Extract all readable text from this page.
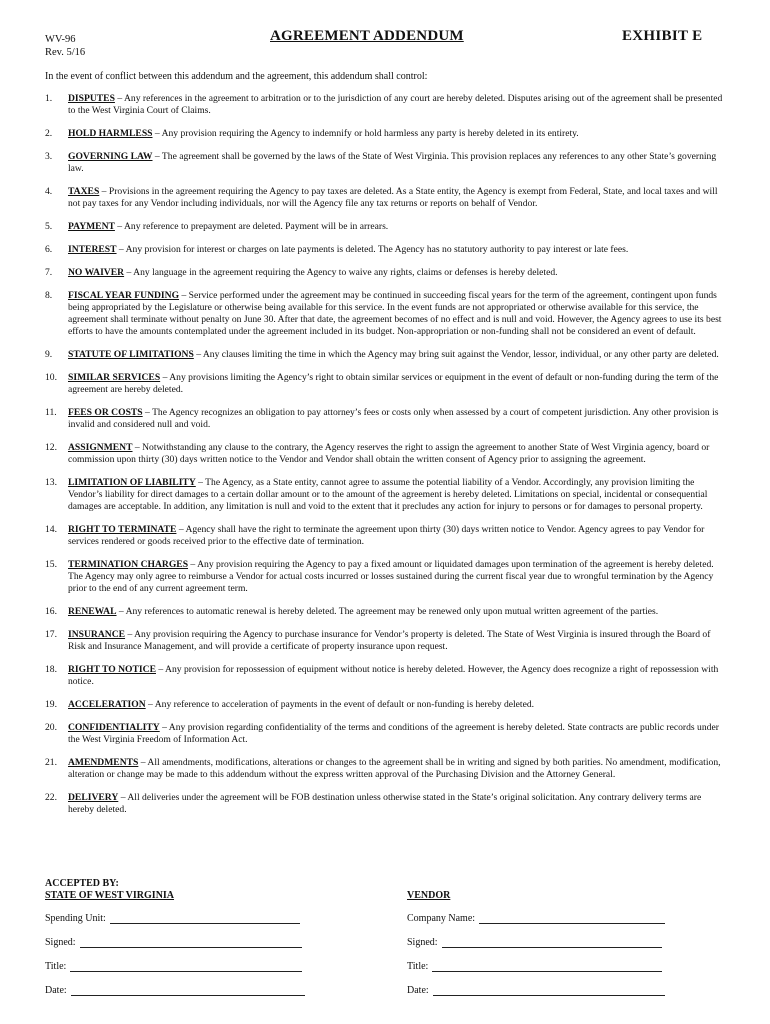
WV-96
Rev. 5/16
AGREEMENT ADDENDUM	EXHIBIT E
In the event of conflict between this addendum and the agreement, this addendum shall control:
1.	DISPUTES – Any references in the agreement to arbitration or to the jurisdiction of any court are hereby deleted. Disputes arising out of the agreement shall be presented to the West Virginia Court of Claims.
2.	HOLD HARMLESS – Any provision requiring the Agency to indemnify or hold harmless any party is hereby deleted in its entirety.
3.	GOVERNING LAW – The agreement shall be governed by the laws of the State of West Virginia. This provision replaces any references to any other State’s governing law.
4.	TAXES – Provisions in the agreement requiring the Agency to pay taxes are deleted. As a State entity, the Agency is exempt from Federal, State, and local taxes and will not pay taxes for any Vendor including individuals, nor will the Agency file any tax returns or reports on behalf of Vendor.
5.	PAYMENT – Any reference to prepayment are deleted. Payment will be in arrears.
6.	INTEREST – Any provision for interest or charges on late payments is deleted. The Agency has no statutory authority to pay interest or late fees.
7.	NO WAIVER – Any language in the agreement requiring the Agency to waive any rights, claims or defenses is hereby deleted.
8.	FISCAL YEAR FUNDING – Service performed under the agreement may be continued in succeeding fiscal years for the term of the agreement, contingent upon funds being appropriated by the Legislature or otherwise being available for this service. In the event funds are not appropriated or otherwise available for this service, the agreement shall terminate without penalty on June 30. After that date, the agreement becomes of no effect and is null and void. However, the Agency agrees to use its best efforts to have the amounts contemplated under the agreement included in its budget. Non-appropriation or non-funding shall not be considered an event of default.
9.	STATUTE OF LIMITATIONS – Any clauses limiting the time in which the Agency may bring suit against the Vendor, lessor, individual, or any other party are deleted.
10.	SIMILAR SERVICES – Any provisions limiting the Agency’s right to obtain similar services or equipment in the event of default or non-funding during the term of the agreement are hereby deleted.
11.	FEES OR COSTS – The Agency recognizes an obligation to pay attorney’s fees or costs only when assessed by a court of competent jurisdiction. Any other provision is invalid and considered null and void.
12.	ASSIGNMENT – Notwithstanding any clause to the contrary, the Agency reserves the right to assign the agreement to another State of West Virginia agency, board or commission upon thirty (30) days written notice to the Vendor and Vendor shall obtain the written consent of Agency prior to assigning the agreement.
13.	LIMITATION OF LIABILITY – The Agency, as a State entity, cannot agree to assume the potential liability of a Vendor. Accordingly, any provision limiting the Vendor’s liability for direct damages to a certain dollar amount or to the amount of the agreement is hereby deleted. Limitations on special, incidental or consequential damages are acceptable. In addition, any limitation is null and void to the extent that it precludes any action for injury to persons or for damages to personal property.
14.	RIGHT TO TERMINATE – Agency shall have the right to terminate the agreement upon thirty (30) days written notice to Vendor. Agency agrees to pay Vendor for services rendered or goods received prior to the effective date of termination.
15.	TERMINATION CHARGES – Any provision requiring the Agency to pay a fixed amount or liquidated damages upon termination of the agreement is hereby deleted. The Agency may only agree to reimburse a Vendor for actual costs incurred or losses sustained during the current fiscal year due to wrongful termination by the Agency prior to the end of any current agreement term.
16.	RENEWAL – Any references to automatic renewal is hereby deleted. The agreement may be renewed only upon mutual written agreement of the parties.
17.	INSURANCE – Any provision requiring the Agency to purchase insurance for Vendor’s property is deleted. The State of West Virginia is insured through the Board of Risk and Insurance Management, and will provide a certificate of property insurance upon request.
18.	RIGHT TO NOTICE – Any provision for repossession of equipment without notice is hereby deleted. However, the Agency does recognize a right of repossession with notice.
19.	ACCELERATION – Any reference to acceleration of payments in the event of default or non-funding is hereby deleted.
20.	CONFIDENTIALITY – Any provision regarding confidentiality of the terms and conditions of the agreement is hereby deleted. State contracts are public records under the West Virginia Freedom of Information Act.
21.	AMENDMENTS – All amendments, modifications, alterations or changes to the agreement shall be in writing and signed by both parities. No amendment, modification, alteration or change may be made to this addendum without the express written approval of the Purchasing Division and the Attorney General.
22.	DELIVERY – All deliveries under the agreement will be FOB destination unless otherwise stated in the State’s original solicitation. Any contrary delivery terms are hereby deleted.
ACCEPTED BY:
STATE OF WEST VIRGINIA	VENDOR
Spending Unit:
Signed:
Title:
Date:
Company Name:
Signed:
Title:
Date:
